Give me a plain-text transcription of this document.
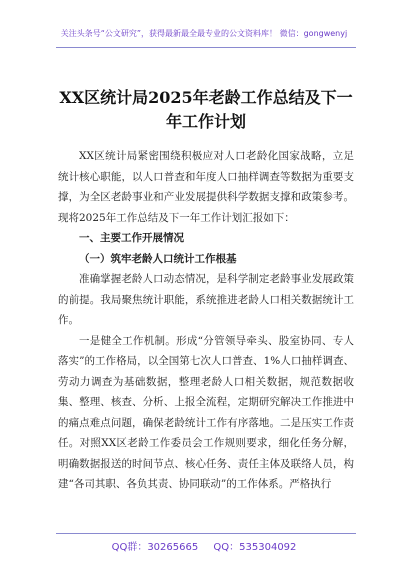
关注头条号“公文研究”，获得最新最全最专业的公文资料库！ 微信：gongwenyj
XX区统计局2025年老龄工作总结及下一年工作计划

XX区统计局紧密围绕积极应对人口老龄化国家战略，立足统计核心职能，以人口普查和年度人口抽样调查等数据为重要支撑，为全区老龄事业和产业发展提供科学数据支撑和政策参考。现将2025年工作总结及下一年工作计划汇报如下：

一、主要工作开展情况
（一）筑牢老龄人口统计工作根基

准确掌握老龄人口动态情况，是科学制定老龄事业发展政策的前提。我局聚焦统计职能，系统推进老龄人口相关数据统计工作。

一是健全工作机制。形成“分管领导牵头、股室协同、专人落实”的工作格局，以全国第七次人口普查、1%人口抽样调查、劳动力调查为基础数据，整理老龄人口相关数据，规范数据收集、整理、核查、分析、上报全流程，定期研究解决工作推进中的痛点难点问题，确保老龄统计工作有序落地。二是压实工作责任。对照XX区老龄工作委员会工作规则要求，细化任务分解，明确数据报送的时间节点、核心任务、责任主体及联络人员，构建“各司其职、各负其责、协同联动”的工作体系。严格执行

QQ群：30265665 QQ：535304092
